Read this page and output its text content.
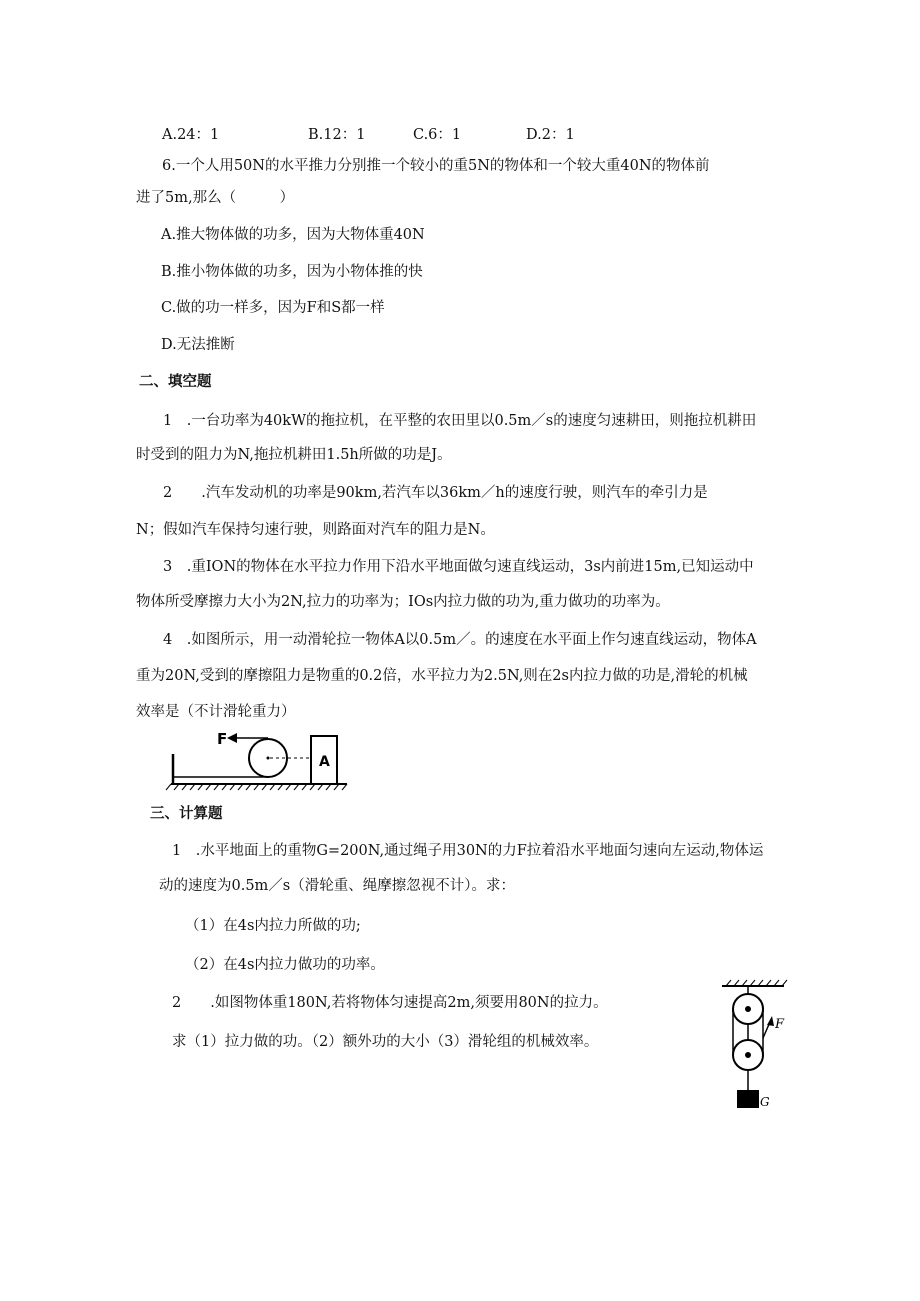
A.24：1	B.12：1	C.6：1	D.2：1
6.一个人用50N的水平推力分别推一个较小的重5N的物体和一个较大重40N的物体前
进了5m,那么（　　　）
A.推大物体做的功多，因为大物体重40N
B.推小物体做的功多，因为小物体推的快
C.做的功一样多，因为F和S都一样
D.无法推断
二、填空题
1　.一台功率为40kW的拖拉机，在平整的农田里以0.5m／s的速度匀速耕田，则拖拉机耕田
时受到的阻力为N,拖拉机耕田1.5h所做的功是J。
2　　.汽车发动机的功率是90km,若汽车以36km／h的速度行驶，则汽车的牵引力是
N；假如汽车保持匀速行驶，则路面对汽车的阻力是N。
3　.重ION的物体在水平拉力作用下沿水平地面做匀速直线运动，3s内前进15m,已知运动中
物体所受摩擦力大小为2N,拉力的功率为；IOs内拉力做的功为,重力做功的功率为。
4　.如图所示，用一动滑轮拉一物体A以0.5m／。的速度在水平面上作匀速直线运动，物体A
重为20N,受到的摩擦阻力是物重的0.2倍，水平拉力为2.5N,则在2s内拉力做的功是,滑轮的机械
效率是（不计滑轮重力）
F
A
三、计算题
1　.水平地面上的重物G=200N,通过绳子用30N的力F拉着沿水平地面匀速向左运动,物体运
动的速度为0.5m／s（滑轮重、绳摩擦忽视不计）。求：
（1）在4s内拉力所做的功;
（2）在4s内拉力做功的功率。
2　　.如图物体重180N,若将物体匀速提高2m,须要用80N的拉力。
求（1）拉力做的功。（2）额外功的大小（3）滑轮组的机械效率。
F
G
